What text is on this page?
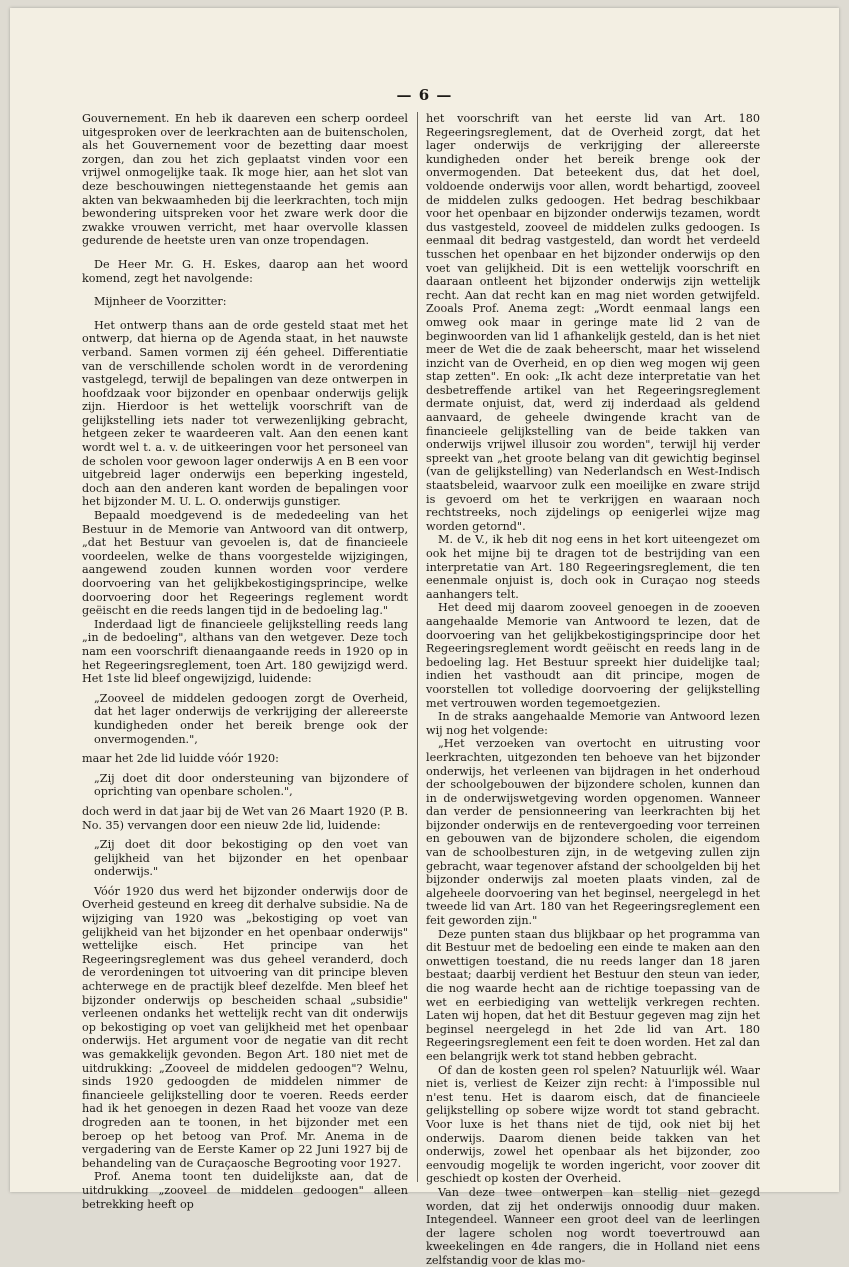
— 6 —

Gouvernement. En heb ik daareven een scherp oordeel uitgesproken over de leerkrachten aan de buitenscholen, als het Gouvernement voor de bezetting daar moest zorgen, dan zou het zich geplaatst vinden voor een vrijwel onmogelijke taak. Ik moge hier, aan het slot van deze beschouwingen niettegenstaande het gemis aan akten van bekwaamheden bij die leerkrachten, toch mijn bewondering uitspreken voor het zware werk door die zwakke vrouwen verricht, met haar overvolle klassen gedurende de heetste uren van onze tropendagen.

De Heer Mr. G. H. Eskes, daarop aan het woord komend, zegt het navolgende:

Mijnheer de Voorzitter:

Het ontwerp thans aan de orde gesteld staat met het ontwerp, dat hierna op de Agenda staat, in het nauwste verband. Samen vormen zij één geheel. Differentiatie van de verschillende scholen wordt in de verordening vastgelegd, terwijl de bepalingen van deze ontwerpen in hoofdzaak voor bijzonder en openbaar onderwijs gelijk zijn. Hierdoor is het wettelijk voorschrift van de gelijkstelling iets nader tot verwezenlijking gebracht, hetgeen zeker te waardeeren valt. Aan den eenen kant wordt wel t. a. v. de uitkeeringen voor het personeel van de scholen voor gewoon lager onderwijs A en B een voor uitgebreid lager onderwijs een beperking ingesteld, doch aan den anderen kant worden de bepalingen voor het bijzonder M. U. L. O. onderwijs gunstiger.

Bepaald moedgevend is de mededeeling van het Bestuur in de Memorie van Antwoord van dit ontwerp, „dat het Bestuur van gevoelen is, dat de financieele voordeelen, welke de thans voorgestelde wijzigingen, aangewend zouden kunnen worden voor verdere doorvoering van het gelijkbekostigingsprincipe, welke doorvoering door het Regeerings reglement wordt geëischt en die reeds langen tijd in de bedoeling lag."

Inderdaad ligt de financieele gelijkstelling reeds lang „in de bedoeling", althans van den wetgever. Deze toch nam een voorschrift dienaangaande reeds in 1920 op in het Regeeringsreglement, toen Art. 180 gewijzigd werd. Het 1ste lid bleef ongewijzigd, luidende:

„Zooveel de middelen gedoogen zorgt de Overheid, dat het lager onderwijs de verkrijging der allereerste kundigheden onder het bereik brenge ook der onvermogenden.",

maar het 2de lid luidde vóór 1920:

„Zij doet dit door ondersteuning van bijzondere of oprichting van openbare scholen.",

doch werd in dat jaar bij de Wet van 26 Maart 1920 (P. B. No. 35) vervangen door een nieuw 2de lid, luidende:

„Zij doet dit door bekostiging op den voet van gelijkheid van het bijzonder en het openbaar onderwijs."

Vóór 1920 dus werd het bijzonder onderwijs door de Overheid gesteund en kreeg dit derhalve subsidie. Na de wijziging van 1920 was „bekostiging op voet van gelijkheid van het bijzonder en het openbaar onderwijs" wettelijke eisch. Het principe van het Regeeringsreglement was dus geheel veranderd, doch de verordeningen tot uitvoering van dit principe bleven achterwege en de practijk bleef dezelfde. Men bleef het bijzonder onderwijs op bescheiden schaal „subsidie" verleenen ondanks het wettelijk recht van dit onderwijs op bekostiging op voet van gelijkheid met het openbaar onderwijs. Het argument voor de negatie van dit recht was gemakkelijk gevonden. Begon Art. 180 niet met de uitdrukking: „Zooveel de middelen gedoogen"? Welnu, sinds 1920 gedoogden de middelen nimmer de financieele gelijkstelling door te voeren. Reeds eerder had ik het genoegen in dezen Raad het vooze van deze drogreden aan te toonen, in het bijzonder met een beroep op het betoog van Prof. Mr. Anema in de vergadering van de Eerste Kamer op 22 Juni 1927 bij de behandeling van de Curaçaosche Begrooting voor 1927.

Prof. Anema toont ten duidelijkste aan, dat de uitdrukking „zooveel de middelen gedoogen" alleen betrekking heeft op

het voorschrift van het eerste lid van Art. 180 Regeeringsreglement, dat de Overheid zorgt, dat het lager onderwijs de verkrijging der allereerste kundigheden onder het bereik brenge ook der onvermogenden. Dat beteekent dus, dat het doel, voldoende onderwijs voor allen, wordt behartigd, zooveel de middelen zulks gedoogen. Het bedrag beschikbaar voor het openbaar en bijzonder onderwijs tezamen, wordt dus vastgesteld, zooveel de middelen zulks gedoogen. Is eenmaal dit bedrag vastgesteld, dan wordt het verdeeld tusschen het openbaar en het bijzonder onderwijs op den voet van gelijkheid. Dit is een wettelijk voorschrift en daaraan ontleent het bijzonder onderwijs zijn wettelijk recht. Aan dat recht kan en mag niet worden getwijfeld. Zooals Prof. Anema zegt: „Wordt eenmaal langs een omweg ook maar in geringe mate lid 2 van de beginwoorden van lid 1 afhankelijk gesteld, dan is het niet meer de Wet die de zaak beheerscht, maar het wisselend inzicht van de Overheid, en op dien weg mogen wij geen stap zetten". En ook: „Ik acht deze interpretatie van het desbetreffende artikel van het Regeeringsreglement dermate onjuist, dat, werd zij inderdaad als geldend aanvaard, de geheele dwingende kracht van de financieele gelijkstelling van de beide takken van onderwijs vrijwel illusoir zou worden", terwijl hij verder spreekt van „het groote belang van dit gewichtig beginsel (van de gelijkstelling) van Nederlandsch en West-Indisch staatsbeleid, waarvoor zulk een moeilijke en zware strijd is gevoerd om het te verkrijgen en waaraan noch rechtstreeks, noch zijdelings op eenigerlei wijze mag worden getornd".

M. de V., ik heb dit nog eens in het kort uiteengezet om ook het mijne bij te dragen tot de bestrijding van een interpretatie van Art. 180 Regeeringsreglement, die ten eenenmale onjuist is, doch ook in Curaçao nog steeds aanhangers telt.

Het deed mij daarom zooveel genoegen in de zooeven aangehaalde Memorie van Antwoord te lezen, dat de doorvoering van het gelijkbekostigingsprincipe door het Regeeringsreglement wordt geëischt en reeds lang in de bedoeling lag. Het Bestuur spreekt hier duidelijke taal; indien het vasthoudt aan dit principe, mogen de voorstellen tot volledige doorvoering der gelijkstelling met vertrouwen worden tegemoetgezien.

In de straks aangehaalde Memorie van Antwoord lezen wij nog het volgende:

„Het verzoeken van overtocht en uitrusting voor leerkrachten, uitgezonden ten behoeve van het bijzonder onderwijs, het verleenen van bijdragen in het onderhoud der schoolgebouwen der bijzondere scholen, kunnen dan in de onderwijswetgeving worden opgenomen. Wanneer dan verder de pensionneering van leerkrachten bij het bijzonder onderwijs en de rentevergoeding voor terreinen en gebouwen van de bijzondere scholen, die eigendom van de schoolbesturen zijn, in de wetgeving zullen zijn gebracht, waar tegenover afstand der schoolgelden bij het bijzonder onderwijs zal moeten plaats vinden, zal de algeheele doorvoering van het beginsel, neergelegd in het tweede lid van Art. 180 van het Regeeringsreglement een feit geworden zijn."

Deze punten staan dus blijkbaar op het programma van dit Bestuur met de bedoeling een einde te maken aan den onwettigen toestand, die nu reeds langer dan 18 jaren bestaat; daarbij verdient het Bestuur den steun van ieder, die nog waarde hecht aan de richtige toepassing van de wet en eerbiediging van wettelijk verkregen rechten. Laten wij hopen, dat het dit Bestuur gegeven mag zijn het beginsel neergelegd in het 2de lid van Art. 180 Regeeringsreglement een feit te doen worden. Het zal dan een belangrijk werk tot stand hebben gebracht.

Of dan de kosten geen rol spelen? Natuurlijk wél. Waar niet is, verliest de Keizer zijn recht: à l'impossible nul n'est tenu. Het is daarom eisch, dat de financieele gelijkstelling op sobere wijze wordt tot stand gebracht. Voor luxe is het thans niet de tijd, ook niet bij het onderwijs. Daarom dienen beide takken van het onderwijs, zowel het openbaar als het bijzonder, zoo eenvoudig mogelijk te worden ingericht, voor zoover dit geschiedt op kosten der Overheid.

Van deze twee ontwerpen kan stellig niet gezegd worden, dat zij het onderwijs onnoodig duur maken. Integendeel. Wanneer een groot deel van de leerlingen der lagere scholen nog wordt toevertrouwd aan kweekelingen en 4de rangers, die in Holland niet eens zelfstandig voor de klas mo-
